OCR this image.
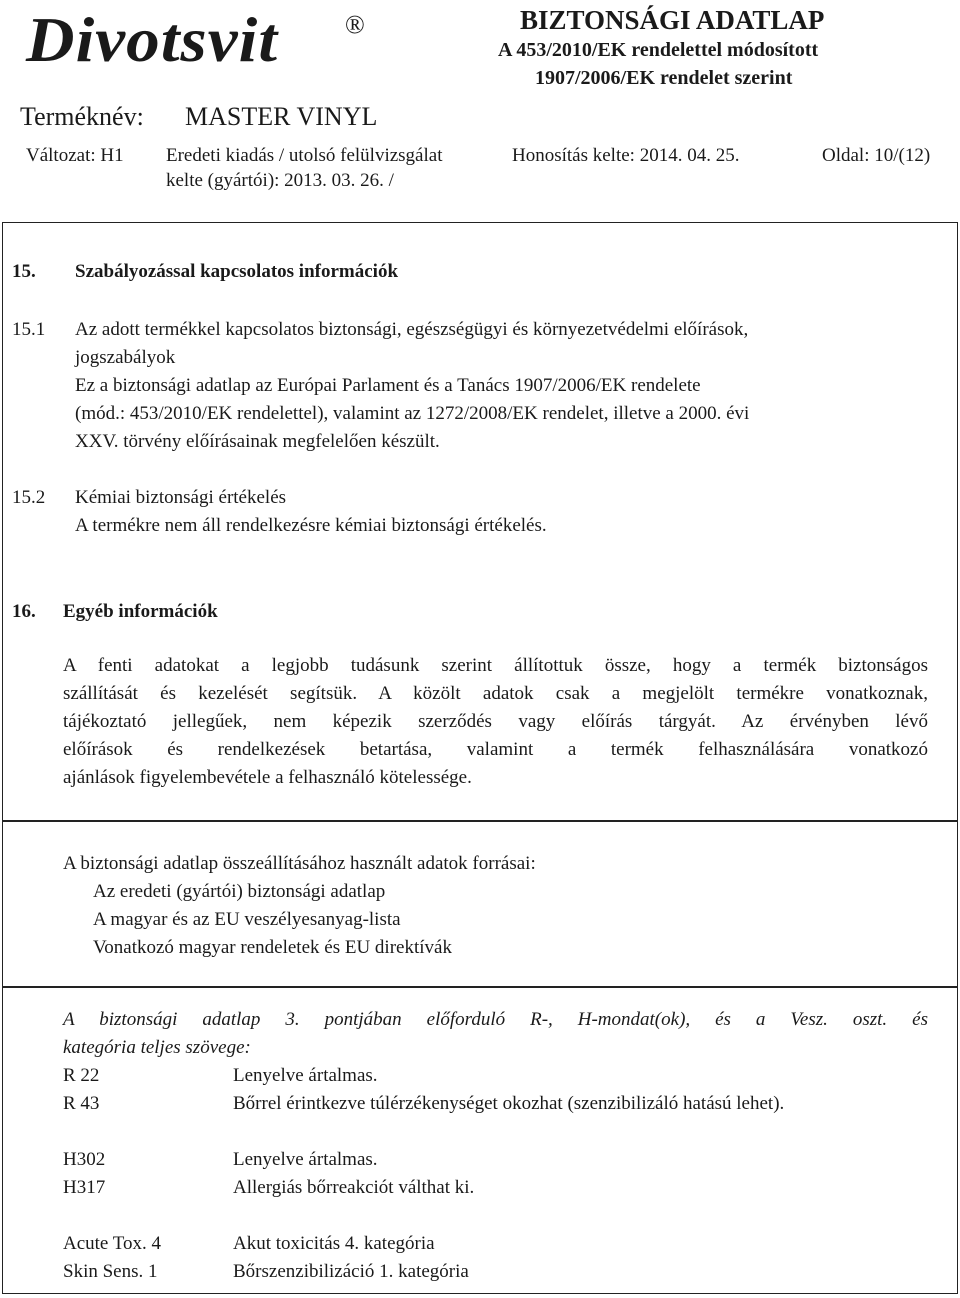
Divotsvit	®	BIZTONSÁGI ADATLAP
A 453/2010/EK rendelettel módosított
1907/2006/EK rendelet szerint
Terméknév: MASTER VINYL
Változat: H1 Eredeti kiadás / utolsó felülvizsgálat
kelte (gyártói): 2013. 03. 26. /
Honosítás kelte: 2014. 04. 25.	Oldal: 10/(12)
15. Szabályozással kapcsolatos információk
15.1 Az adott termékkel kapcsolatos biztonsági, egészségügyi és környezetvédelmi előírások,
jogszabályok
Ez a biztonsági adatlap az Európai Parlament és a Tanács 1907/2006/EK rendelete
(mód.: 453/2010/EK rendelettel), valamint az 1272/2008/EK rendelet, illetve a 2000. évi
XXV. törvény előírásainak megfelelően készült.
15.2 Kémiai biztonsági értékelés
A termékre nem áll rendelkezésre kémiai biztonsági értékelés.
16. Egyéb információk
A fenti adatokat a legjobb tudásunk szerint állítottuk össze, hogy a termék biztonságos
szállítását és kezelését segítsük. A közölt adatok csak a megjelölt termékre vonatkoznak,
tájékoztató jellegűek, nem képezik szerződés vagy előírás tárgyát. Az érvényben lévő
előírások és rendelkezések betartása, valamint a termék felhasználására vonatkozó
ajánlások figyelembevétele a felhasználó kötelessége.
A biztonsági adatlap összeállításához használt adatok forrásai:
Az eredeti (gyártói) biztonsági adatlap
A magyar és az EU veszélyesanyag-lista
Vonatkozó magyar rendeletek és EU direktívák
A biztonsági adatlap 3. pontjában előforduló R-, H-mondat(ok), és a Vesz. oszt. és
kategória teljes szövege:
R 22	Lenyelve ártalmas.
R 43	Bőrrel érintkezve túlérzékenységet okozhat (szenzibilizáló hatású lehet).
H302	Lenyelve ártalmas.
H317	Allergiás bőrreakciót válthat ki.
Acute Tox. 4	Akut toxicitás 4. kategória
Skin Sens. 1	Bőrszenzibilizáció 1. kategória
